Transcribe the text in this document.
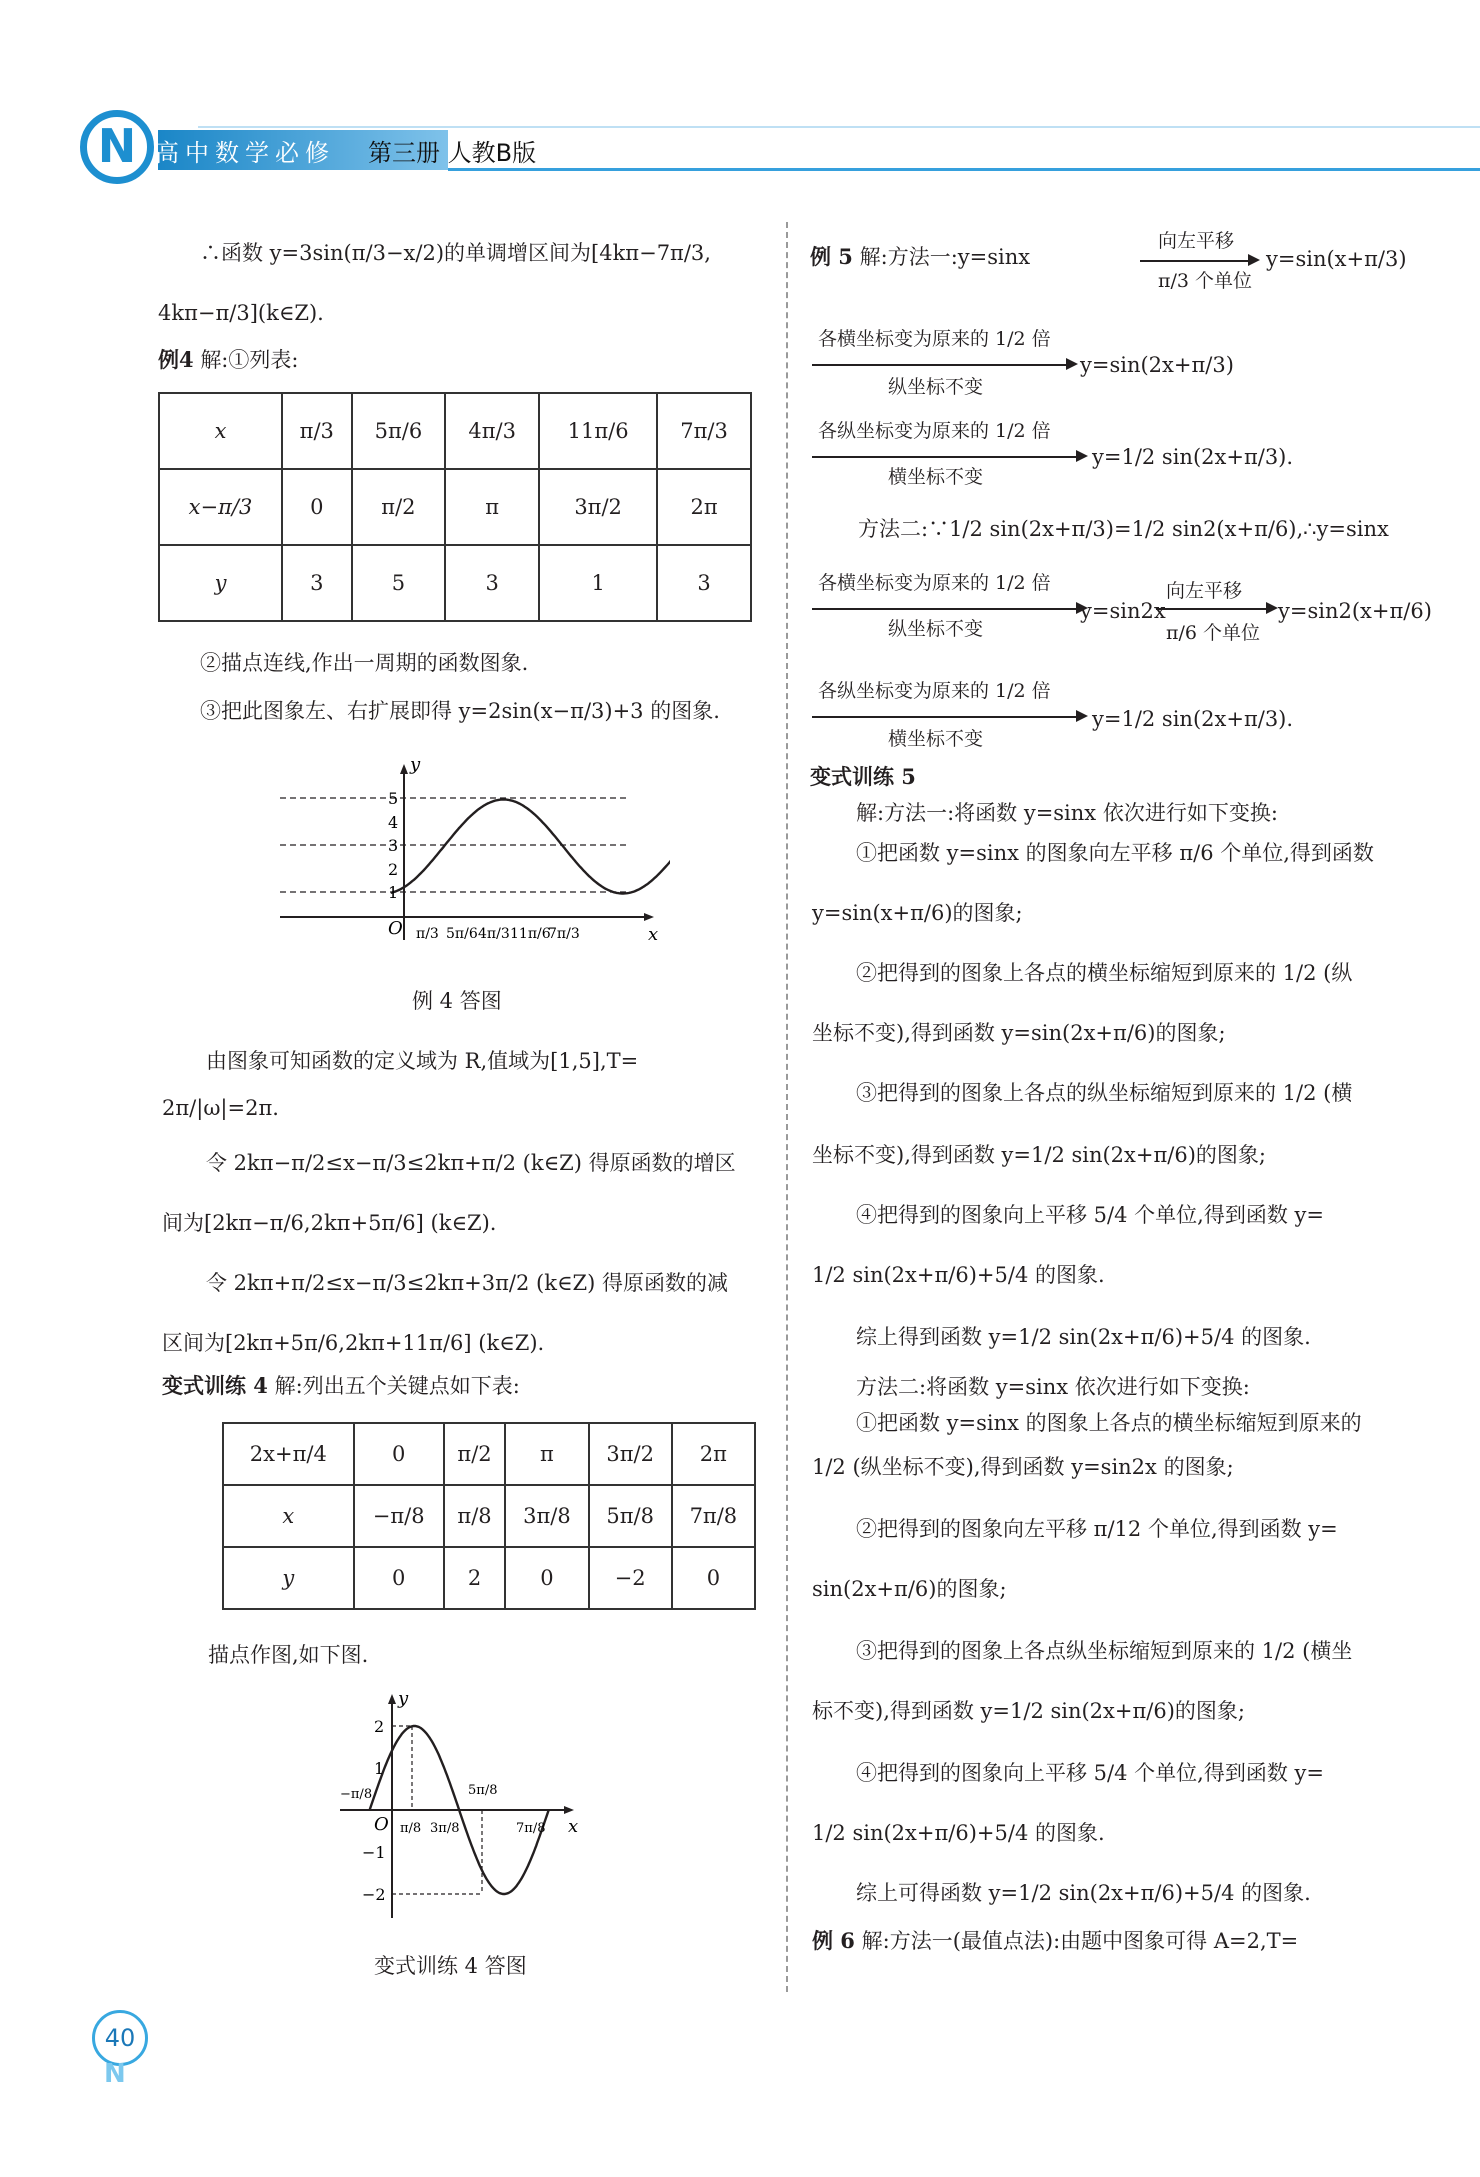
N 高中数学必修 第三册 人教B版
∴函数 y=3sin(π/3−x/2)的单调增区间为[4kπ−7π/3,
4kπ−π/3](k∈Z).
例4 解:①列表:
x	π/3	5π/6	4π/3	11π/6	7π/3
x−π/3	0	π/2	π	3π/2	2π
y	3	5	3	1	3
②描点连线,作出一周期的函数图象.
③把此图象左、右扩展即得 y=2sin(x−π/3)+3 的图象.
y
x
O
5
4
3
2
1
π/3 5π/6 4π/3 11π/6
7π/3
例 4 答图
由图象可知函数的定义域为 R,值域为[1,5],T=
2π/|ω|=2π.
令 2kπ−π/2≤x−π/3≤2kπ+π/2 (k∈Z) 得原函数的增区
间为[2kπ−π/6,2kπ+5π/6] (k∈Z).
令 2kπ+π/2≤x−π/3≤2kπ+3π/2 (k∈Z) 得原函数的减
区间为[2kπ+5π/6,2kπ+11π/6] (k∈Z).
变式训练 4 解:列出五个关键点如下表:
2x+π/4	0	π/2	π	3π/2	2π
x	−π/8	π/8	3π/8	5π/8	7π/8
y	0	2	0	−2	0
描点作图,如下图.
y
x
O
2
1
−1
−2
−π/8
π/8 3π/8
5π/8
7π/8
变式训练 4 答图
例 5 解:方法一:y=sinx
向左平移
π/3 个单位
y=sin(x+π/3)
各横坐标变为原来的 1/2 倍
纵坐标不变
y=sin(2x+π/3)
各纵坐标变为原来的 1/2 倍
横坐标不变
y=1/2 sin(2x+π/3).
方法二:∵1/2 sin(2x+π/3)=1/2 sin2(x+π/6),∴y=sinx
各横坐标变为原来的 1/2 倍
纵坐标不变
y=sin2x
向左平移
π/6 个单位
y=sin2(x+π/6)
各纵坐标变为原来的 1/2 倍
横坐标不变
y=1/2 sin(2x+π/3).
变式训练 5
解:方法一:将函数 y=sinx 依次进行如下变换:
①把函数 y=sinx 的图象向左平移 π/6 个单位,得到函数
y=sin(x+π/6)的图象;
②把得到的图象上各点的横坐标缩短到原来的 1/2 (纵
坐标不变),得到函数 y=sin(2x+π/6)的图象;
③把得到的图象上各点的纵坐标缩短到原来的 1/2 (横
坐标不变),得到函数 y=1/2 sin(2x+π/6)的图象;
④把得到的图象向上平移 5/4 个单位,得到函数 y=
1/2 sin(2x+π/6)+5/4 的图象.
综上得到函数 y=1/2 sin(2x+π/6)+5/4 的图象.
方法二:将函数 y=sinx 依次进行如下变换:
①把函数 y=sinx 的图象上各点的横坐标缩短到原来的
1/2 (纵坐标不变),得到函数 y=sin2x 的图象;
②把得到的图象向左平移 π/12 个单位,得到函数 y=
sin(2x+π/6)的图象;
③把得到的图象上各点纵坐标缩短到原来的 1/2 (横坐
标不变),得到函数 y=1/2 sin(2x+π/6)的图象;
④把得到的图象向上平移 5/4 个单位,得到函数 y=
1/2 sin(2x+π/6)+5/4 的图象.
综上可得函数 y=1/2 sin(2x+π/6)+5/4 的图象.
例 6 解:方法一(最值点法):由题中图象可得 A=2,T=
40
N
